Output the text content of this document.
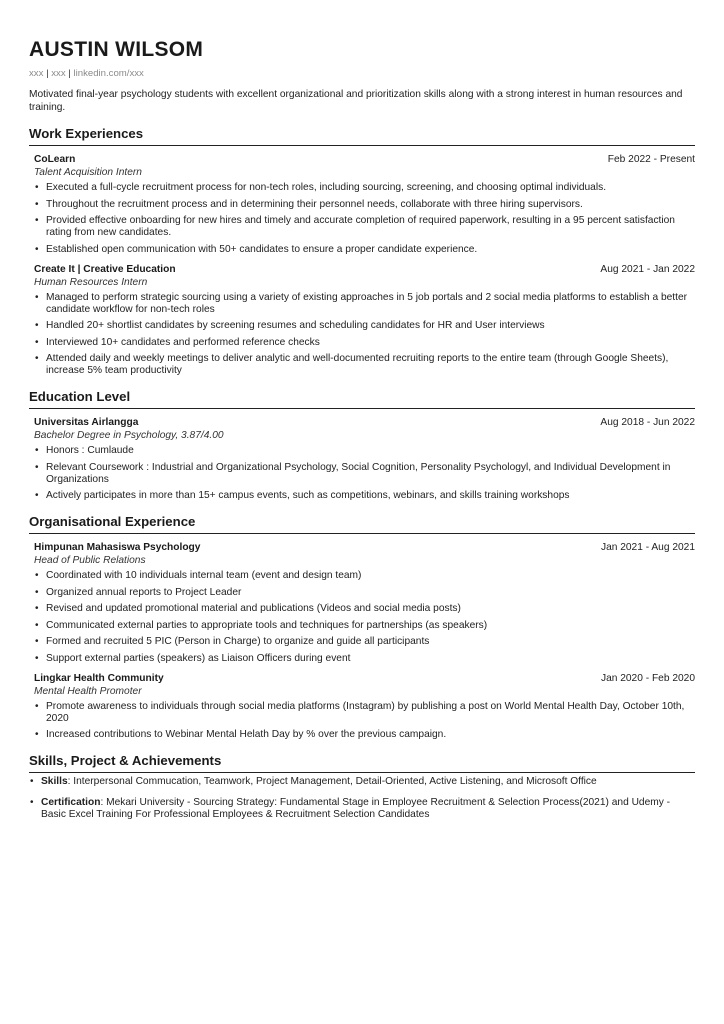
AUSTIN WILSOM
xxx | xxx | linkedin.com/xxx
Motivated final-year psychology students with excellent organizational and prioritization skills along with a strong interest in human resources and training.
Work Experiences
CoLearn	Feb 2022 - Present
Talent Acquisition Intern
• Executed a full-cycle recruitment process for non-tech roles, including sourcing, screening, and choosing optimal individuals.
• Throughout the recruitment process and in determining their personnel needs, collaborate with three hiring supervisors.
• Provided effective onboarding for new hires and timely and accurate completion of required paperwork, resulting in a 95 percent satisfaction rating from new candidates.
• Established open communication with 50+ candidates to ensure a proper candidate experience.
Create It | Creative Education	Aug 2021 - Jan 2022
Human Resources Intern
• Managed to perform strategic sourcing using a variety of existing approaches in 5 job portals and 2 social media platforms to establish a better candidate workflow for non-tech roles
• Handled 20+ shortlist candidates by screening resumes and scheduling candidates for HR and User interviews
• Interviewed 10+ candidates and performed reference checks
• Attended daily and weekly meetings to deliver analytic and well-documented recruiting reports to the entire team (through Google Sheets), increase 5% team productivity
Education Level
Universitas Airlangga	Aug 2018 - Jun 2022
Bachelor Degree in Psychology, 3.87/4.00
• Honors : Cumlaude
• Relevant Coursework : Industrial and Organizational Psychology, Social Cognition, Personality Psychologyl, and Individual Development in Organizations
• Actively participates in more than 15+ campus events, such as competitions, webinars, and skills training workshops
Organisational Experience
Himpunan Mahasiswa Psychology	Jan 2021 - Aug 2021
Head of Public Relations
• Coordinated with 10 individuals internal team (event and design team)
• Organized annual reports to Project Leader
• Revised and updated promotional material and publications (Videos and social media posts)
• Communicated external parties to appropriate tools and techniques for partnerships (as speakers)
• Formed and recruited 5 PIC (Person in Charge) to organize and guide all participants
• Support external parties (speakers) as Liaison Officers during event
Lingkar Health Community	Jan 2020 - Feb 2020
Mental Health Promoter
• Promote awareness to individuals through social media platforms (Instagram) by publishing a post on World Mental Health Day, October 10th, 2020
• Increased contributions to Webinar Mental Helath Day by % over the previous campaign.
Skills, Project & Achievements
• Skills: Interpersonal Commucation, Teamwork, Project Management, Detail-Oriented, Active Listening, and Microsoft Office
• Certification: Mekari University - Sourcing Strategy: Fundamental Stage in Employee Recruitment & Selection Process(2021) and Udemy - Basic Excel Training For Professional Employees & Recruitment Selection Candidates
